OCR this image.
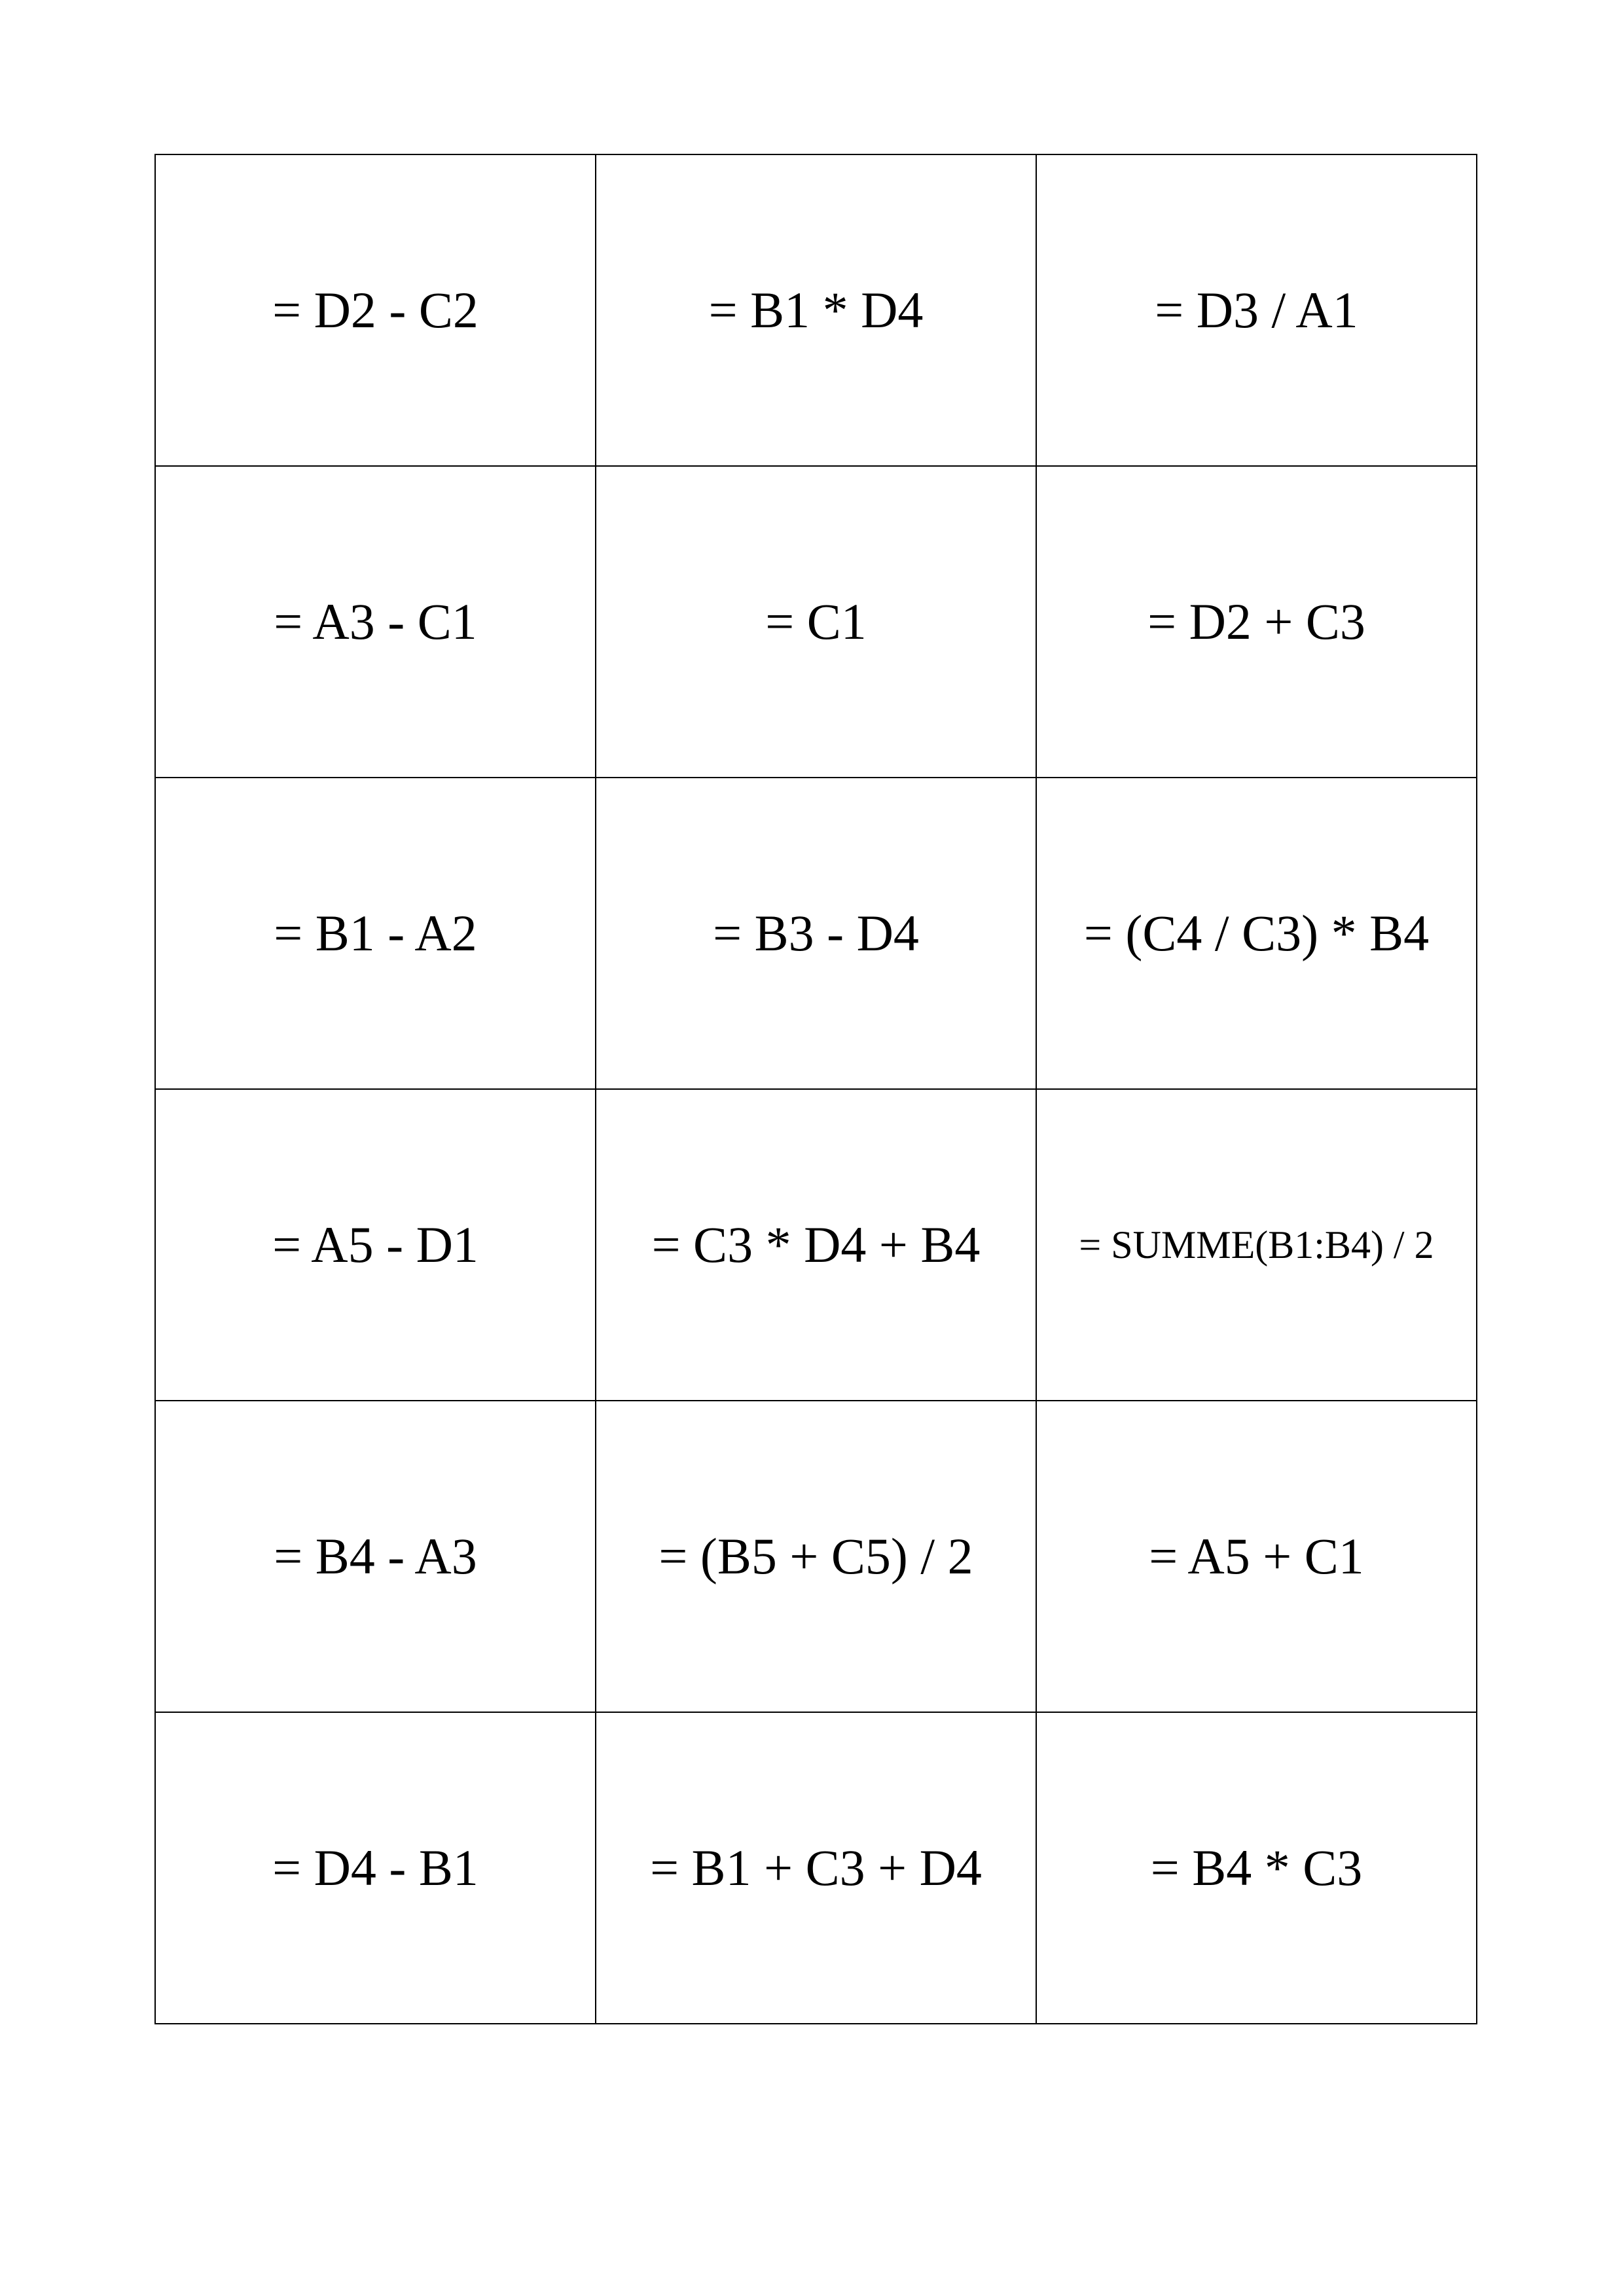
= D2 - C2	= B1 * D4	= D3 / A1
= A3 - C1	= C1	= D2 + C3
= B1 - A2	= B3 - D4	= (C4 / C3) * B4
= A5 - D1	= C3 * D4 + B4	= SUMME(B1:B4) / 2
= B4 - A3	= (B5 + C5) / 2	= A5 + C1
= D4 - B1	= B1 + C3 + D4	= B4 * C3
